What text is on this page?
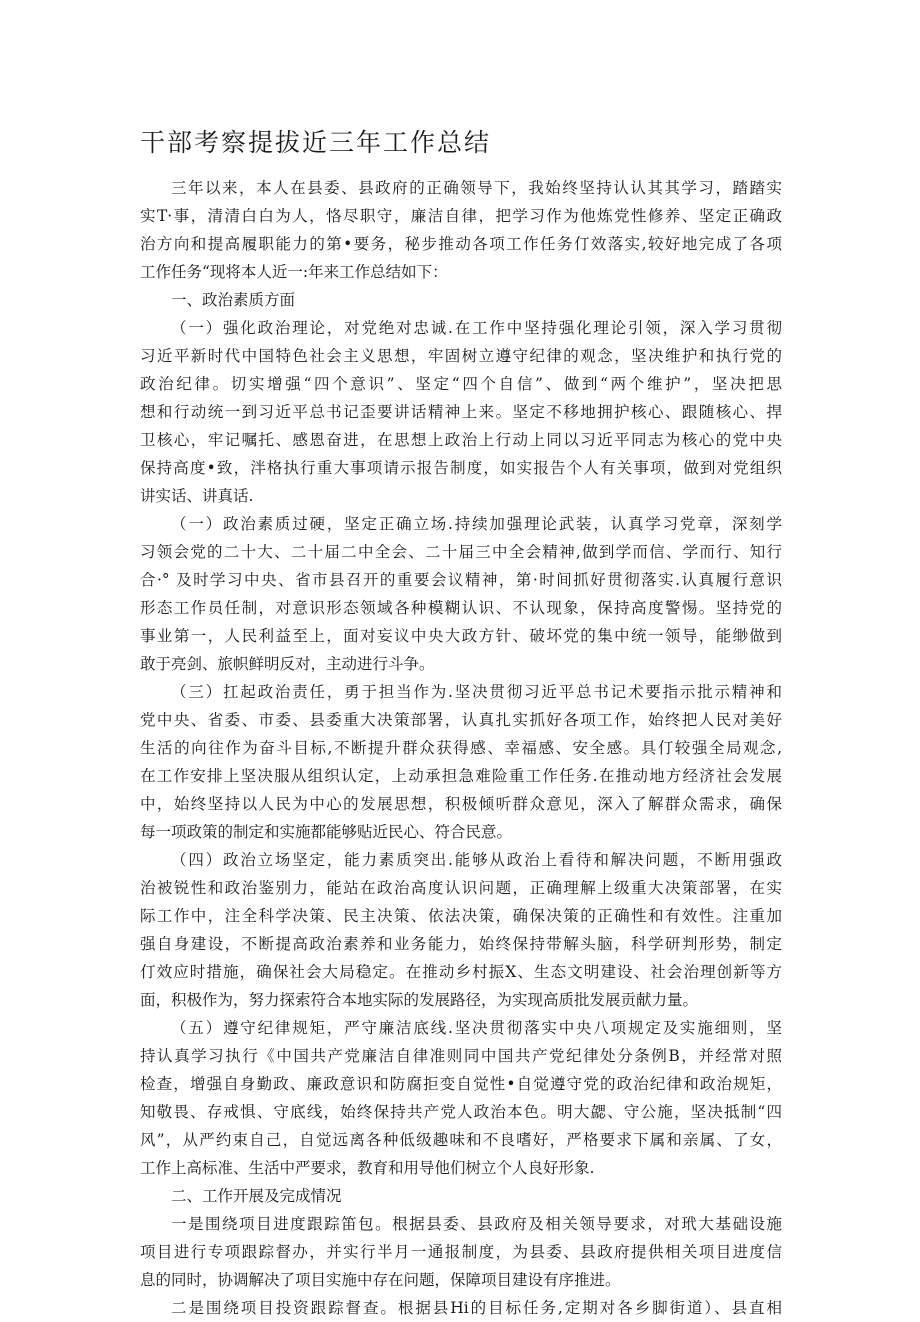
干部考察提拔近三年工作总结
三年以来，本人在县委、县政府的正确领导下，我始终坚持认认其其学习，踏踏实
实T·事，清清白白为人，恪尽职守，廉洁自律，把学习作为他炼党性修养、坚定正确政
治方向和提高履职能力的第•要务，秘步推动各项工作任务仃效落实,较好地完成了各项
工作任务“现将本人近一:年来工作总结如下：
一、政治素质方面
（一）强化政治理论，对党绝对忠诚.在工作中坚持强化理论引领，深入学习贯彻
习近平新时代中国特色社会主义思想，牢固树立遵守纪律的观念，坚决维护和执行党的
政治纪律。切实增强“四个意识”、坚定“四个自信”、做到“两个维护”，坚决把思
想和行动统一到习近平总书记歪要讲话精神上来。坚定不移地拥护核心、跟随核心、捍
卫核心，牢记嘱托、感恩奋进，在思想上政治上行动上同以习近平同志为核心的党中央
保持高度•致，泮格执行重大事项请示报告制度，如实报告个人有关事项，做到对党组织
讲实话、讲真话.
（一）政治素质过硬，坚定正确立场.持续加强理论武装，认真学习党章，深刻学
习领会党的二十大、二十届二中全会、二十届三中全会精神,做到学而信、学而行、知行
合·° 及时学习中央、省市县召开的重要会议精神，第·时间抓好贯彻落实.认真履行意识
形态工作员任制，对意识形态领域各种模糊认识、不认现象，保持高度警惕。坚持党的
事业第一，人民利益至上，面对妄议中央大政方针、破坏党的集中统一领导，能缈做到
敢于亮剑、旅帜鲜明反对，主动进行斗争。
（三）扛起政治责任，勇于担当作为.坚决贯彻习近平总书记术要指示批示精神和
党中央、省委、市委、县委重大决策部署，认真扎实抓好各项工作，始终把人民对美好
生活的向往作为奋斗目标,不断提升群众获得感、幸福感、安全感。具仃较强全局观念,
在工作安排上坚决服从组织认定，上动承担急难险重工作任务.在推动地方经济社会发展
中，始终坚持以人民为中心的发展思想，积极倾听群众意见，深入了解群众需求，确保
每一项政策的制定和实施都能够贴近民心、符合民意。
（四）政治立场坚定，能力素质突出.能够从政治上看待和解决问题，不断用强政
治被锐性和政治鉴别力，能站在政治高度认识问题，正确理解上级重大决策部署，在实
际工作中，注全科学决策、民主决策、依法决策，确保决策的正确性和有效性。注重加
强自身建设，不断提高政治素养和业务能力，始终保持带解头脑，科学研判形势，制定
仃效应时措施，确保社会大局稳定。在推动乡村振X、生态文明建设、社会治理创新等方
面，积极作为，努力探索符合本地实际的发展路径，为实现高质批发展贡献力量。
（五）遵守纪律规矩，严守廉洁底线.坚决贯彻落实中央八项规定及实施细则，坚
持认真学习执行《中国共产党廉洁自律准则同中国共产党纪律处分条例B，并经常对照
检查，增强自身勤政、廉政意识和防腐拒变自觉性•自觉遵守党的政治纪律和政治规矩，
知敬畏、存戒惧、守底线，始终保持共产党人政治本色。明大勰、守公施，坚决抵制“四
风”，从严约束自己，自觉远离各种低级趣味和不良嗜好，严格要求下属和亲属、了女，
工作上高标准、生活中严要求，教育和用导他们树立个人良好形象.
二、工作开展及完成情况
一是围绕项目进度跟踪笛包。根据县委、县政府及相关领导要求，对玳大基础设施
项目进行专项跟踪督办，并实行半月一通报制度，为县委、县政府提供相关项目进度信
息的同时，协调解决了项目实施中存在问题，保障项目建设有序推进。
二是围绕项目投资跟踪督查。根据县Hi的目标任务,定期对各乡脚街道）、县直相
